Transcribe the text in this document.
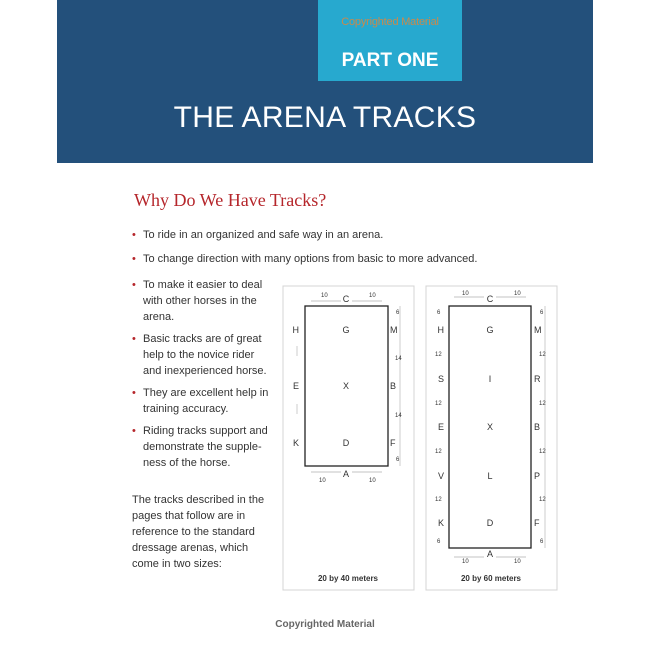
Copyrighted Material
PART ONE
THE ARENA TRACKS
Why Do We Have Tracks?
• To ride in an organized and safe way in an arena.
• To change direction with many options from basic to more advanced.
• To make it easier to deal with other horses in the arena.
• Basic tracks are of great help to the novice rider and inexperienced horse.
• They are excellent help in training accuracy.
• Riding tracks support and demonstrate the supple-ness of the horse.
The tracks described in the pages that follow are in reference to the standard dressage arenas, which come in two sizes:
10	10
C
A
10	10
H
E
K
M
B
F
6
14
14
6
G
X
D
20 by 40 meters
10	10
C
A
10	10
H
S
E
V
K
6
12
12
12
12
6
M
R
B
P
F
6
12
12
12
12
6
G
I
X
L
D
20 by 60 meters
Copyrighted Material
